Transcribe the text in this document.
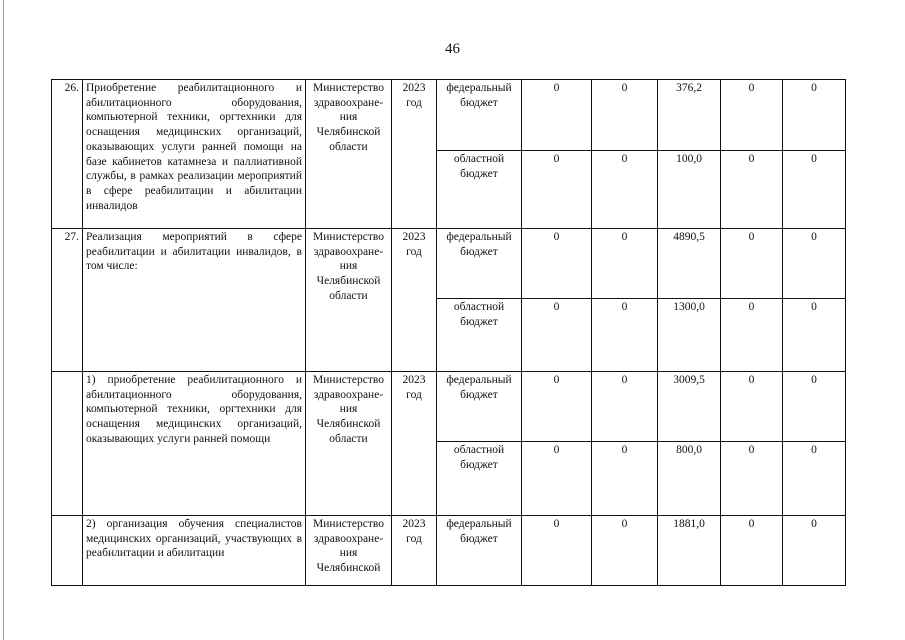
46
26.	Приобретение реабилитационного и абилитационного оборудования, компьютерной техники, оргтехники для оснащения медицинских организаций, оказывающих услуги ранней помощи на базе кабинетов катамнеза и паллиативной службы, в рамках реализации мероприятий в сфере реабилитации и абилитации инвалидов	Министерство здравоохране-ния Челябинской области	2023 год	федеральный бюджет	0	0	376,2	0	0
				областной бюджет	0	0	100,0	0	0
27.	Реализация мероприятий в сфере реабилитации и абилитации инвалидов, в том числе:	Министерство здравоохране-ния Челябинской области	2023 год	федеральный бюджет	0	0	4890,5	0	0
				областной бюджет	0	0	1300,0	0	0
	1) приобретение реабилитационного и абилитационного оборудования, компьютерной техники, оргтехники для оснащения медицинских организаций, оказывающих услуги ранней помощи	Министерство здравоохране-ния Челябинской области	2023 год	федеральный бюджет	0	0	3009,5	0	0
				областной бюджет	0	0	800,0	0	0
	2) организация обучения специалистов медицинских организаций, участвующих в реабилитации и абилитации	Министерство здравоохране-ния Челябинской	2023 год	федеральный бюджет	0	0	1881,0	0	0
